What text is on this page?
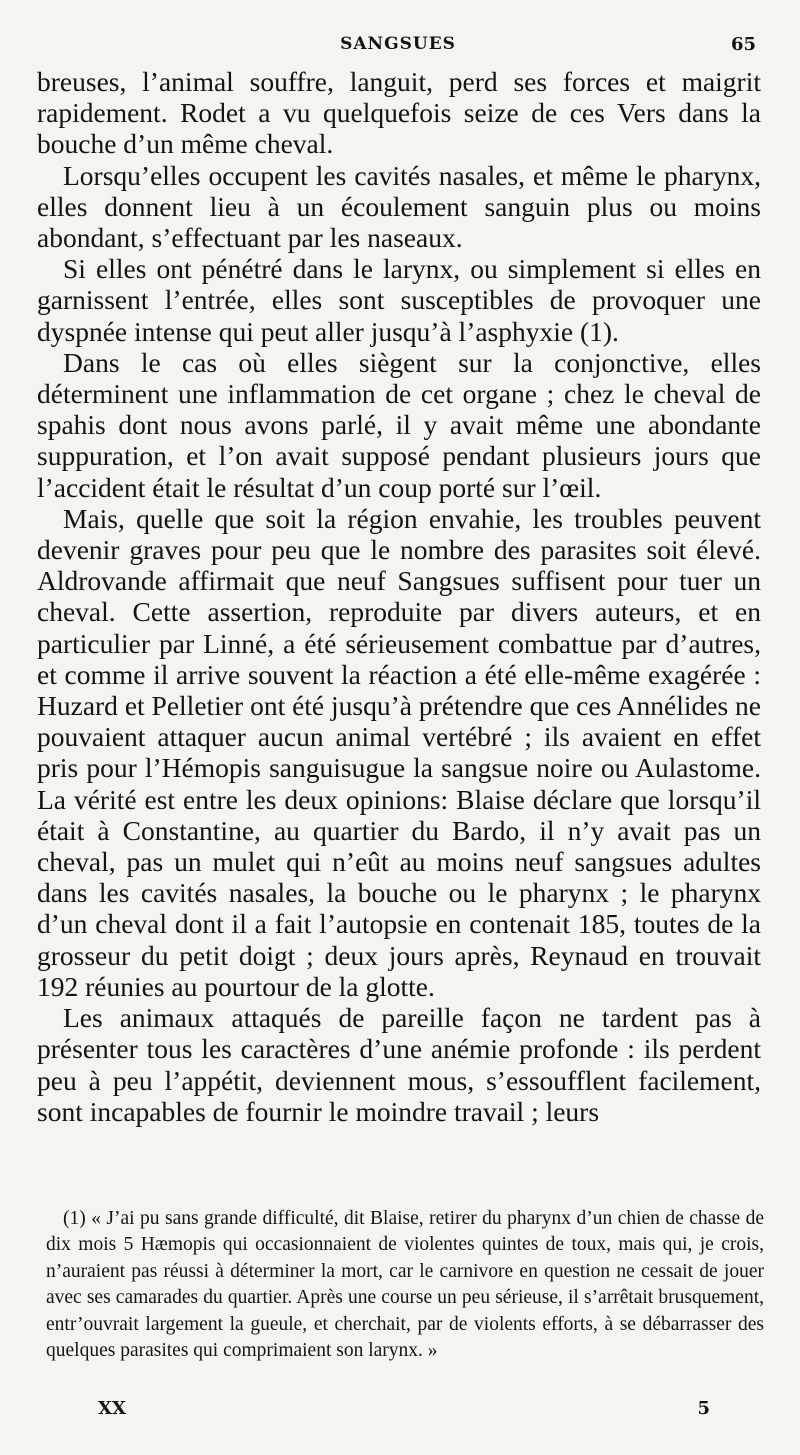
SANGSUES	65

breuses, l’animal souffre, languit, perd ses forces et maigrit rapidement. Rodet a vu quelquefois seize de ces Vers dans la bouche d’un même cheval.

Lorsqu’elles occupent les cavités nasales, et même le pharynx, elles donnent lieu à un écoulement sanguin plus ou moins abondant, s’effectuant par les naseaux.

Si elles ont pénétré dans le larynx, ou simplement si elles en garnissent l’entrée, elles sont susceptibles de provoquer une dyspnée intense qui peut aller jusqu’à l’asphyxie (1).

Dans le cas où elles siègent sur la conjonctive, elles déterminent une inflammation de cet organe ; chez le cheval de spahis dont nous avons parlé, il y avait même une abondante suppuration, et l’on avait supposé pendant plusieurs jours que l’accident était le résultat d’un coup porté sur l’œil.

Mais, quelle que soit la région envahie, les troubles peuvent devenir graves pour peu que le nombre des parasites soit élevé. Aldrovande affirmait que neuf Sangsues suffisent pour tuer un cheval. Cette assertion, reproduite par divers auteurs, et en particulier par Linné, a été sérieusement combattue par d’autres, et comme il arrive souvent la réaction a été elle-même exagérée : Huzard et Pelletier ont été jusqu’à prétendre que ces Annélides ne pouvaient attaquer aucun animal vertébré ; ils avaient en effet pris pour l’Hémopis sanguisugue la sangsue noire ou Aulastome. La vérité est entre les deux opinions: Blaise déclare que lorsqu’il était à Constantine, au quartier du Bardo, il n’y avait pas un cheval, pas un mulet qui n’eût au moins neuf sangsues adultes dans les cavités nasales, la bouche ou le pharynx ; le pharynx d’un cheval dont il a fait l’autopsie en contenait 185, toutes de la grosseur du petit doigt ; deux jours après, Reynaud en trouvait 192 réunies au pourtour de la glotte.

Les animaux attaqués de pareille façon ne tardent pas à présenter tous les caractères d’une anémie profonde : ils perdent peu à peu l’appétit, deviennent mous, s’essoufflent facilement, sont incapables de fournir le moindre travail ; leurs

(1) « J’ai pu sans grande difficulté, dit Blaise, retirer du pharynx d’un chien de chasse de dix mois 5 Hæmopis qui occasionnaient de violentes quintes de toux, mais qui, je crois, n’auraient pas réussi à déterminer la mort, car le carnivore en question ne cessait de jouer avec ses camarades du quartier. Après une course un peu sérieuse, il s’arrêtait brusquement, entr’ouvrait largement la gueule, et cherchait, par de violents efforts, à se débarrasser des quelques parasites qui comprimaient son larynx. »

XX	5
